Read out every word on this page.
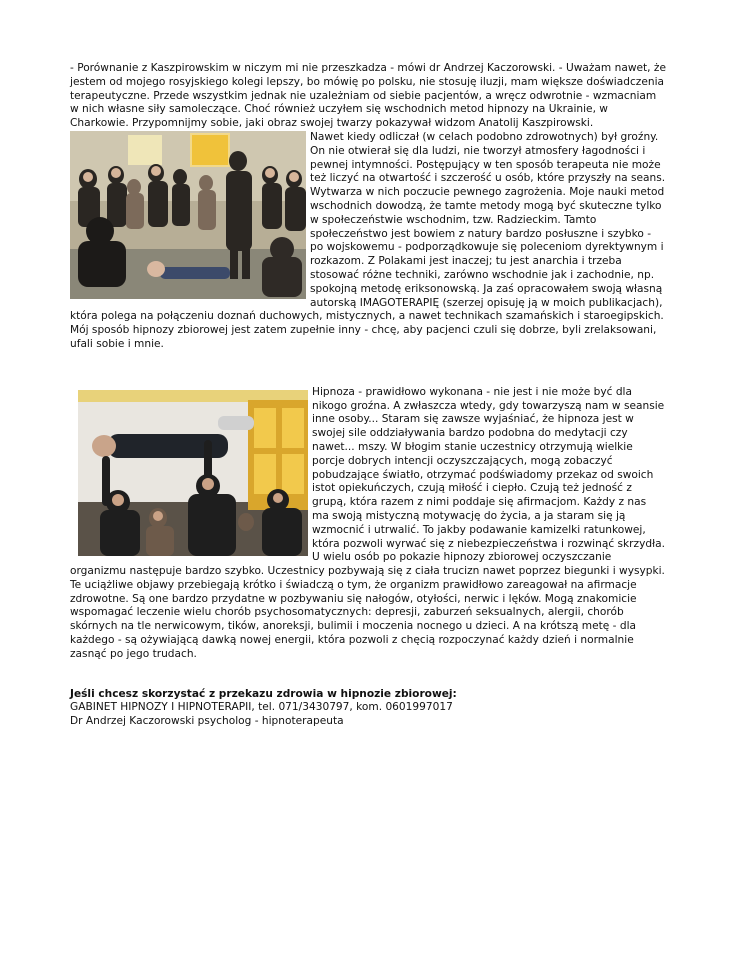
- Porównanie z Kaszpirowskim w niczym mi nie przeszkadza - mówi dr Andrzej Kaczorowski. - Uważam nawet, że jestem od mojego rosyjskiego kolegi lepszy, bo mówię po polsku, nie stosuję iluzji, mam większe doświadczenia terapeutyczne. Przede wszystkim jednak nie uzależniam od siebie pacjentów, a wręcz odwrotnie - wzmacniam w nich własne siły samoleczące. Choć również uczyłem się wschodnich metod hipnozy na Ukrainie, w Charkowie. Przypomnijmy sobie, jaki obraz swojej twarzy pokazywał widzom Anatolij Kaszpirowski.

Nawet kiedy odliczał (w celach podobno zdrowotnych) był groźny. On nie otwierał się dla ludzi, nie tworzył atmosfery łagodności i pewnej intymności. Postępujący w ten sposób terapeuta nie może też liczyć na otwartość i szczerość u osób, które przyszły na seans. Wytwarza w nich poczucie pewnego zagrożenia. Moje nauki metod wschodnich dowodzą, że tamte metody mogą być skuteczne tylko w społeczeństwie wschodnim, tzw. Radzieckim. Tamto społeczeństwo jest bowiem z natury bardzo posłuszne i szybko - po wojskowemu - podporządkowuje się poleceniom dyrektywnym i rozkazom. Z Polakami jest inaczej; tu jest anarchia i trzeba stosować różne techniki, zarówno wschodnie jak i zachodnie, np. spokojną metodę eriksonowską. Ja zaś opracowałem swoją własną autorską IMAGOTERAPIĘ (szerzej opisuję ją w moich publikacjach), która polega na połączeniu doznań duchowych, mistycznych, a nawet technikach szamańskich i staroegipskich. Mój sposób hipnozy zbiorowej jest zatem zupełnie inny - chcę, aby pacjenci czuli się dobrze, byli zrelaksowani, ufali sobie i mnie.

Hipnoza - prawidłowo wykonana - nie jest i nie może być dla nikogo groźna. A zwłaszcza wtedy, gdy towarzyszą nam w seansie inne osoby... Staram się zawsze wyjaśniać, że hipnoza jest w swojej sile oddziaływania bardzo podobna do medytacji czy nawet... mszy. W błogim stanie uczestnicy otrzymują wielkie porcje dobrych intencji oczyszczających, mogą zobaczyć pobudzające światło, otrzymać podświadomy przekaz od swoich istot opiekuńczych, czują miłość i ciepło. Czują też jedność z grupą, która razem z nimi poddaje się afirmacjom. Każdy z nas ma swoją mistyczną motywację do życia, a ja staram się ją wzmocnić i utrwalić. To jakby podawanie kamizelki ratunkowej, która pozwoli wyrwać się z niebezpieczeństwa i rozwinąć skrzydła.

U wielu osób po pokazie hipnozy zbiorowej oczyszczanie organizmu następuje bardzo szybko. Uczestnicy pozbywają się z ciała trucizn nawet poprzez biegunki i wysypki. Te uciążliwe objawy przebiegają krótko i świadczą o tym, że organizm prawidłowo zareagował na afirmacje zdrowotne. Są one bardzo przydatne w pozbywaniu się nałogów, otyłości, nerwic i lęków. Mogą znakomicie wspomagać leczenie wielu chorób psychosomatycznych: depresji, zaburzeń seksualnych, alergii, chorób skórnych na tle nerwicowym, tików, anoreksji, bulimii i moczenia nocnego u dzieci. A na krótszą metę - dla każdego - są ożywiającą dawką nowej energii, która pozwoli z chęcią rozpoczynać każdy dzień i normalnie zasnąć po jego trudach.

Jeśli chcesz skorzystać z przekazu zdrowia w hipnozie zbiorowej:

GABINET HIPNOZY I HIPNOTERAPII, tel. 071/3430797, kom. 0601997017

Dr Andrzej Kaczorowski psycholog - hipnoterapeuta
